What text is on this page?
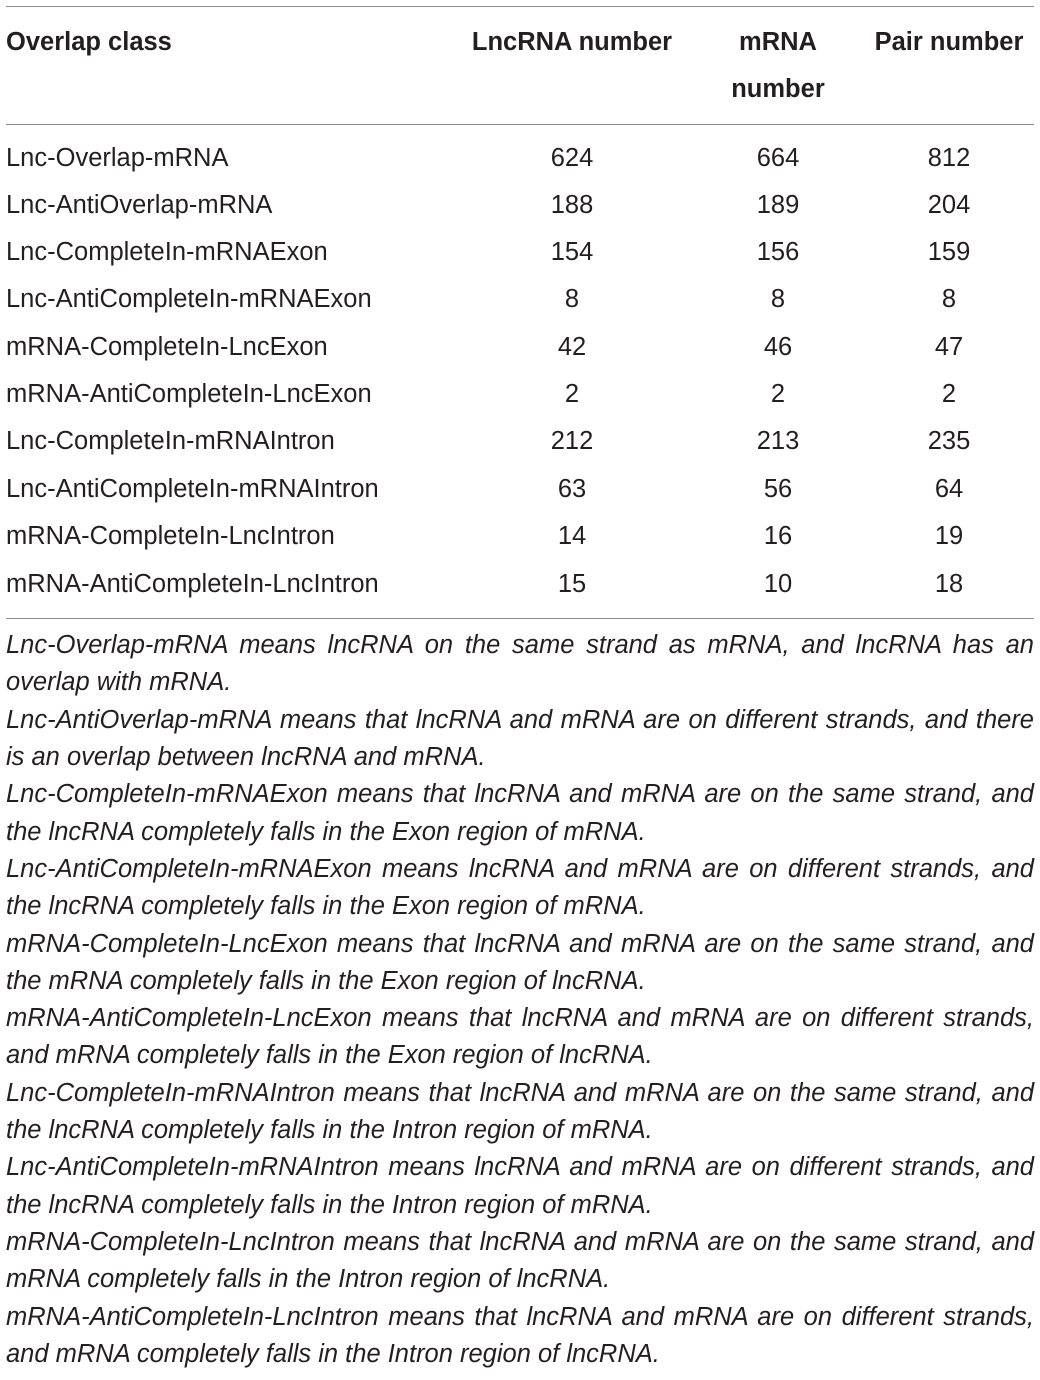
Overlap class	LncRNA number	mRNA number	Pair number
Lnc-Overlap-mRNA	624	664	812
Lnc-AntiOverlap-mRNA	188	189	204
Lnc-CompleteIn-mRNAExon	154	156	159
Lnc-AntiCompleteIn-mRNAExon	8	8	8
mRNA-CompleteIn-LncExon	42	46	47
mRNA-AntiCompleteIn-LncExon	2	2	2
Lnc-CompleteIn-mRNAIntron	212	213	235
Lnc-AntiCompleteIn-mRNAIntron	63	56	64
mRNA-CompleteIn-LncIntron	14	16	19
mRNA-AntiCompleteIn-LncIntron	15	10	18

Lnc-Overlap-mRNA means lncRNA on the same strand as mRNA, and lncRNA has an overlap with mRNA.

Lnc-AntiOverlap-mRNA means that lncRNA and mRNA are on different strands, and there is an overlap between lncRNA and mRNA.

Lnc-CompleteIn-mRNAExon means that lncRNA and mRNA are on the same strand, and the lncRNA completely falls in the Exon region of mRNA.

Lnc-AntiCompleteIn-mRNAExon means lncRNA and mRNA are on different strands, and the lncRNA completely falls in the Exon region of mRNA.

mRNA-CompleteIn-LncExon means that lncRNA and mRNA are on the same strand, and the mRNA completely falls in the Exon region of lncRNA.

mRNA-AntiCompleteIn-LncExon means that lncRNA and mRNA are on different strands, and mRNA completely falls in the Exon region of lncRNA.

Lnc-CompleteIn-mRNAIntron means that lncRNA and mRNA are on the same strand, and the lncRNA completely falls in the Intron region of mRNA.

Lnc-AntiCompleteIn-mRNAIntron means lncRNA and mRNA are on different strands, and the lncRNA completely falls in the Intron region of mRNA.

mRNA-CompleteIn-LncIntron means that lncRNA and mRNA are on the same strand, and mRNA completely falls in the Intron region of lncRNA.

mRNA-AntiCompleteIn-LncIntron means that lncRNA and mRNA are on different strands, and mRNA completely falls in the Intron region of lncRNA.
